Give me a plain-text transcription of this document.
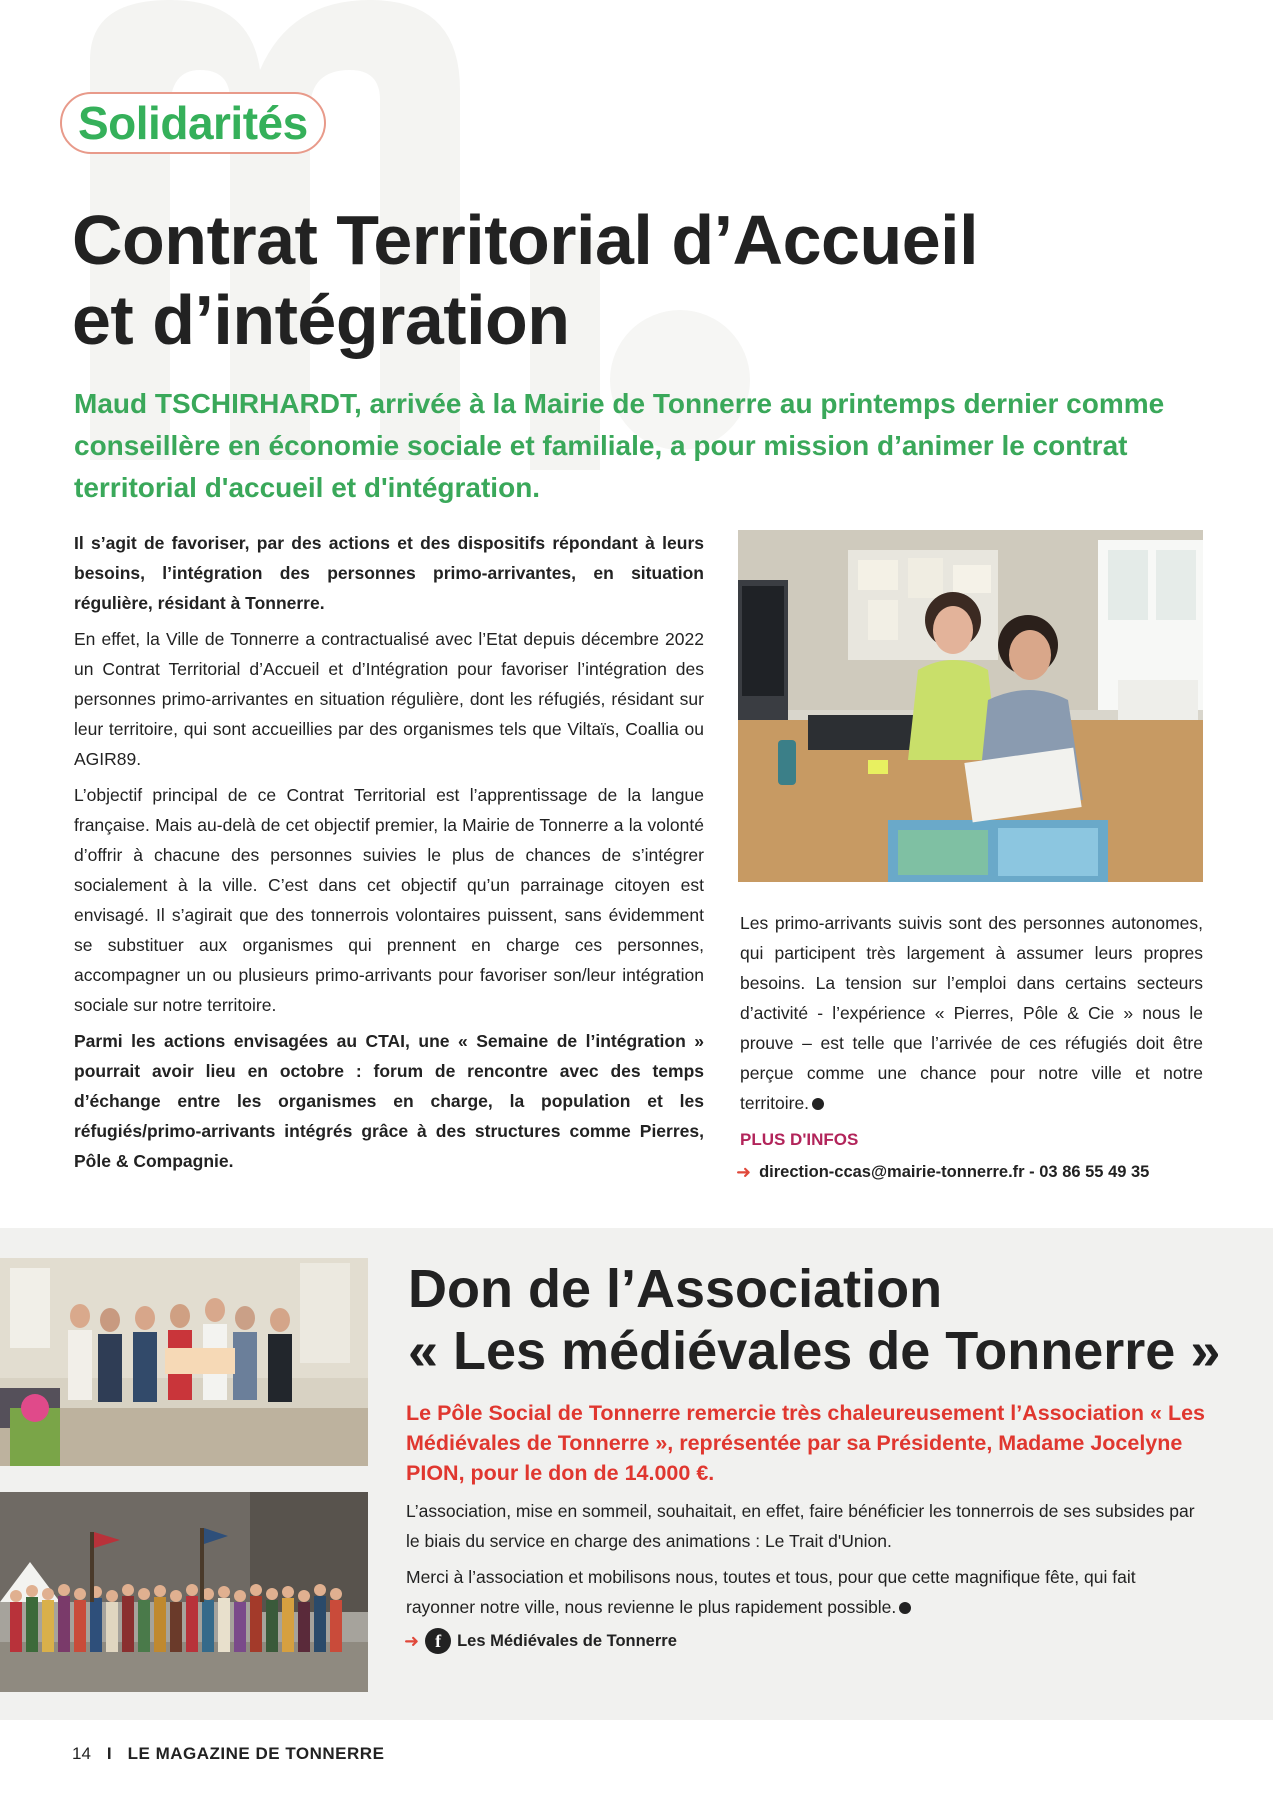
Solidarités
Contrat Territorial d’Accueil
et d’intégration

Maud TSCHIRHARDT, arrivée à la Mairie de Tonnerre au printemps dernier comme conseillère en économie sociale et familiale, a pour mission d’animer le contrat territorial d'accueil et d'intégration.

Il s’agit de favoriser, par des actions et des dispositifs répondant à leurs besoins, l’intégration des personnes primo-arrivantes, en situation régulière, résidant à Tonnerre.

En effet, la Ville de Tonnerre a contractualisé avec l’Etat depuis décembre 2022 un Contrat Territorial d’Accueil et d’Intégration pour favoriser l’intégration des personnes primo-arrivantes en situation régulière, dont les réfugiés, résidant sur leur territoire, qui sont accueillies par des organismes tels que Viltaïs, Coallia ou AGIR89.

L’objectif principal de ce Contrat Territorial est l’apprentissage de la langue française. Mais au-delà de cet objectif premier, la Mairie de Tonnerre a la volonté d’offrir à chacune des personnes suivies le plus de chances de s’intégrer socialement à la ville. C’est dans cet objectif qu’un parrainage citoyen est envisagé. Il s’agirait que des tonnerrois volontaires puissent, sans évidemment se substituer aux organismes qui prennent en charge ces personnes, accompagner un ou plusieurs primo-arrivants pour favoriser son/leur intégration sociale sur notre territoire.

Parmi les actions envisagées au CTAI, une « Semaine de l’intégration » pourrait avoir lieu en octobre : forum de rencontre avec des temps d’échange entre les organismes en charge, la population et les réfugiés/primo-arrivants intégrés grâce à des structures comme Pierres, Pôle & Compagnie.

Les primo-arrivants suivis sont des personnes autonomes, qui participent très largement à assumer leurs propres besoins. La tension sur l’emploi dans certains secteurs d’activité - l’expérience « Pierres, Pôle & Cie » nous le prouve – est telle que l’arrivée de ces réfugiés doit être perçue comme une chance pour notre ville et notre territoire.

PLUS D'INFOS
➜ direction-ccas@mairie-tonnerre.fr - 03 86 55 49 35
Don de l’Association
« Les médiévales de Tonnerre »

Le Pôle Social de Tonnerre remercie très chaleureusement l’Association « Les Médiévales de Tonnerre », représentée par sa Présidente, Madame Jocelyne PION, pour le don de 14.000 €.

L’association, mise en sommeil, souhaitait, en effet, faire bénéficier les tonnerrois de ses subsides par le biais du service en charge des animations : Le Trait d'Union.

Merci à l’association et mobilisons nous, toutes et tous, pour que cette magnifique fête, qui fait rayonner notre ville, nous revienne le plus rapidement possible.

➜ f Les Médiévales de Tonnerre
14 I LE MAGAZINE DE TONNERRE
